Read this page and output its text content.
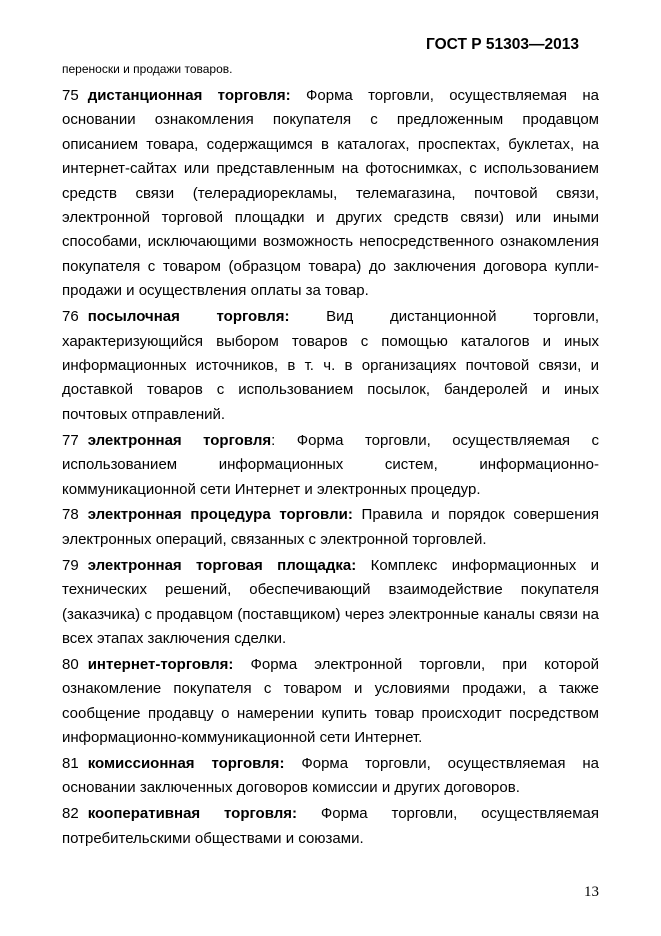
ГОСТ Р 51303—2013
переноски и продажи товаров.

75 дистанционная торговля: Форма торговли, осуществляемая на основании ознакомления покупателя с предложенным продавцом описанием товара, содержащимся в каталогах, проспектах, буклетах, на интернет-сайтах или представленным на фотоснимках, с использованием средств связи (телерадиорекламы, телемагазина, почтовой связи, электронной торговой площадки и других средств связи) или иными способами, исключающими возможность непосредственного ознакомления покупателя с товаром (образцом товара) до заключения договора купли-продажи и осуществления оплаты за товар.

76 посылочная торговля: Вид дистанционной торговли, характеризующийся выбором товаров с помощью каталогов и иных информационных источников, в т. ч. в организациях почтовой связи, и доставкой товаров с использованием посылок, бандеролей и иных почтовых отправлений.

77 электронная торговля: Форма торговли, осуществляемая с использованием информационных систем, информационно-коммуникационной сети Интернет и электронных процедур.

78 электронная процедура торговли: Правила и порядок совершения электронных операций, связанных с электронной торговлей.

79 электронная торговая площадка: Комплекс информационных и технических решений, обеспечивающий взаимодействие покупателя (заказчика) с продавцом (поставщиком) через электронные каналы связи на всех этапах заключения сделки.

80 интернет-торговля: Форма электронной торговли, при которой ознакомление покупателя с товаром и условиями продажи, а также сообщение продавцу о намерении купить товар происходит посредством информационно-коммуникационной сети Интернет.

81 комиссионная торговля: Форма торговли, осуществляемая на основании заключенных договоров комиссии и других договоров.

82 кооперативная торговля: Форма торговли, осуществляемая потребительскими обществами и союзами.

13
